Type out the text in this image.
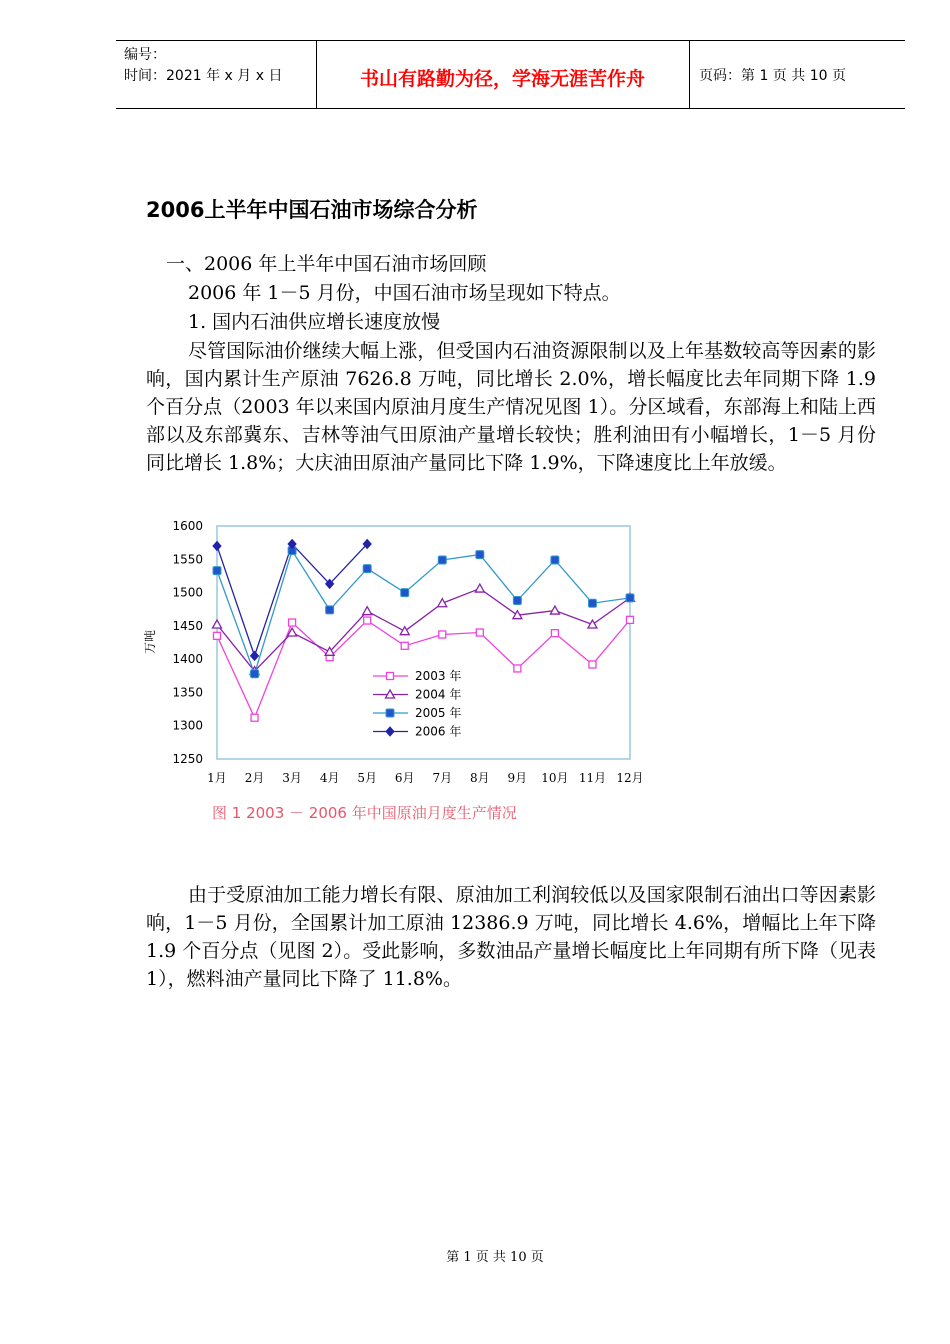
编号：
时间：2021 年 x 月 x 日	书山有路勤为径，学海无涯苦作舟	页码：第 1 页 共 10 页
2006上半年中国石油市场综合分析
一、2006 年上半年中国石油市场回顾
2006 年 1－5 月份，中国石油市场呈现如下特点。
1. 国内石油供应增长速度放慢
尽管国际油价继续大幅上涨，但受国内石油资源限制以及上年基数较高等因素的影响，国内累计生产原油 7626.8 万吨，同比增长 2.0%，增长幅度比去年同期下降 1.9 个百分点（2003 年以来国内原油月度生产情况见图 1）。分区域看，东部海上和陆上西部以及东部冀东、吉林等油气田原油产量增长较快；胜利油田有小幅增长，1－5 月份同比增长 1.8%；大庆油田原油产量同比下降 1.9%，下降速度比上年放缓。
1250
1300
1350
1400
1450
1500
1550
1600
万吨
1月 2月 3月 4月 5月 6月 7月 8月 9月 10月 11月 12月
2003 年
2004 年
2005 年
2006 年
图 1 2003 － 2006 年中国原油月度生产情况
由于受原油加工能力增长有限、原油加工利润较低以及国家限制石油出口等因素影响，1－5 月份，全国累计加工原油 12386.9 万吨，同比增长 4.6%，增幅比上年下降 1.9 个百分点（见图 2）。受此影响，多数油品产量增长幅度比上年同期有所下降（见表 1），燃料油产量同比下降了 11.8%。
第 1 页 共 10 页
